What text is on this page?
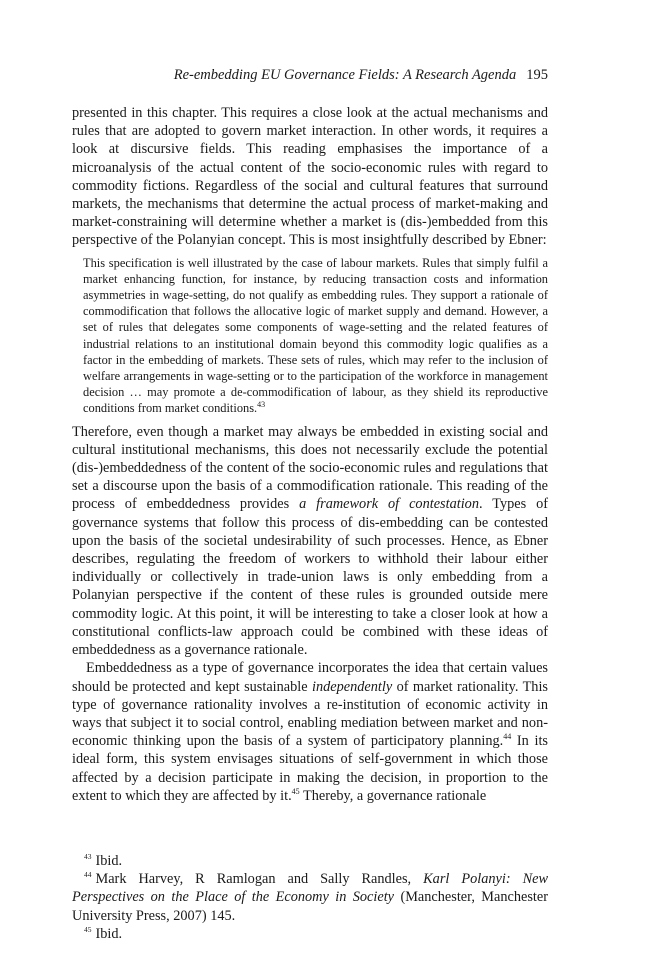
Re-embedding EU Governance Fields: A Research Agenda 195

presented in this chapter. This requires a close look at the actual mechanisms and rules that are adopted to govern market interaction. In other words, it requires a look at discursive fields. This reading emphasises the importance of a microanalysis of the actual content of the socio-economic rules with regard to commodity fictions. Regardless of the social and cultural features that surround markets, the mechanisms that determine the actual process of market-making and market-constraining will determine whether a market is (dis-)embedded from this perspective of the Polanyian concept. This is most insightfully described by Ebner:

This specification is well illustrated by the case of labour markets. Rules that simply fulfil a market enhancing function, for instance, by reducing transaction costs and information asymmetries in wage-setting, do not qualify as embedding rules. They support a rationale of commodification that follows the allocative logic of market supply and demand. However, a set of rules that delegates some components of wage-setting and the related features of industrial relations to an institutional domain beyond this commodity logic qualifies as a factor in the embedding of markets. These sets of rules, which may refer to the inclusion of welfare arrangements in wage-setting or to the participation of the workforce in management decision … may promote a de-commodification of labour, as they shield its reproductive conditions from market conditions.$^{43}$

Therefore, even though a market may always be embedded in existing social and cultural institutional mechanisms, this does not necessarily exclude the potential (dis-)embeddedness of the content of the socio-economic rules and regulations that set a discourse upon the basis of a commodification rationale. This reading of the process of embeddedness provides a framework of contestation. Types of governance systems that follow this process of dis-embedding can be contested upon the basis of the societal undesirability of such processes. Hence, as Ebner describes, regulating the freedom of workers to withhold their labour either individually or collectively in trade-union laws is only embedding from a Polanyian perspective if the content of these rules is grounded outside mere commodity logic. At this point, it will be interesting to take a closer look at how a constitutional conflicts-law approach could be combined with these ideas of embeddedness as a governance rationale.

Embeddedness as a type of governance incorporates the idea that certain values should be protected and kept sustainable independently of market rationality. This type of governance rationality involves a re-institution of economic activity in ways that subject it to social control, enabling mediation between market and non-economic thinking upon the basis of a system of participatory planning.$^{44}$ In its ideal form, this system envisages situations of self-government in which those affected by a decision participate in making the decision, in proportion to the extent to which they are affected by it.$^{45}$ Thereby, a governance rationale

$^{43}$ Ibid.

$^{44}$ Mark Harvey, R Ramlogan and Sally Randles, Karl Polanyi: New Perspectives on the Place of the Economy in Society (Manchester, Manchester University Press, 2007) 145.

$^{45}$ Ibid.
